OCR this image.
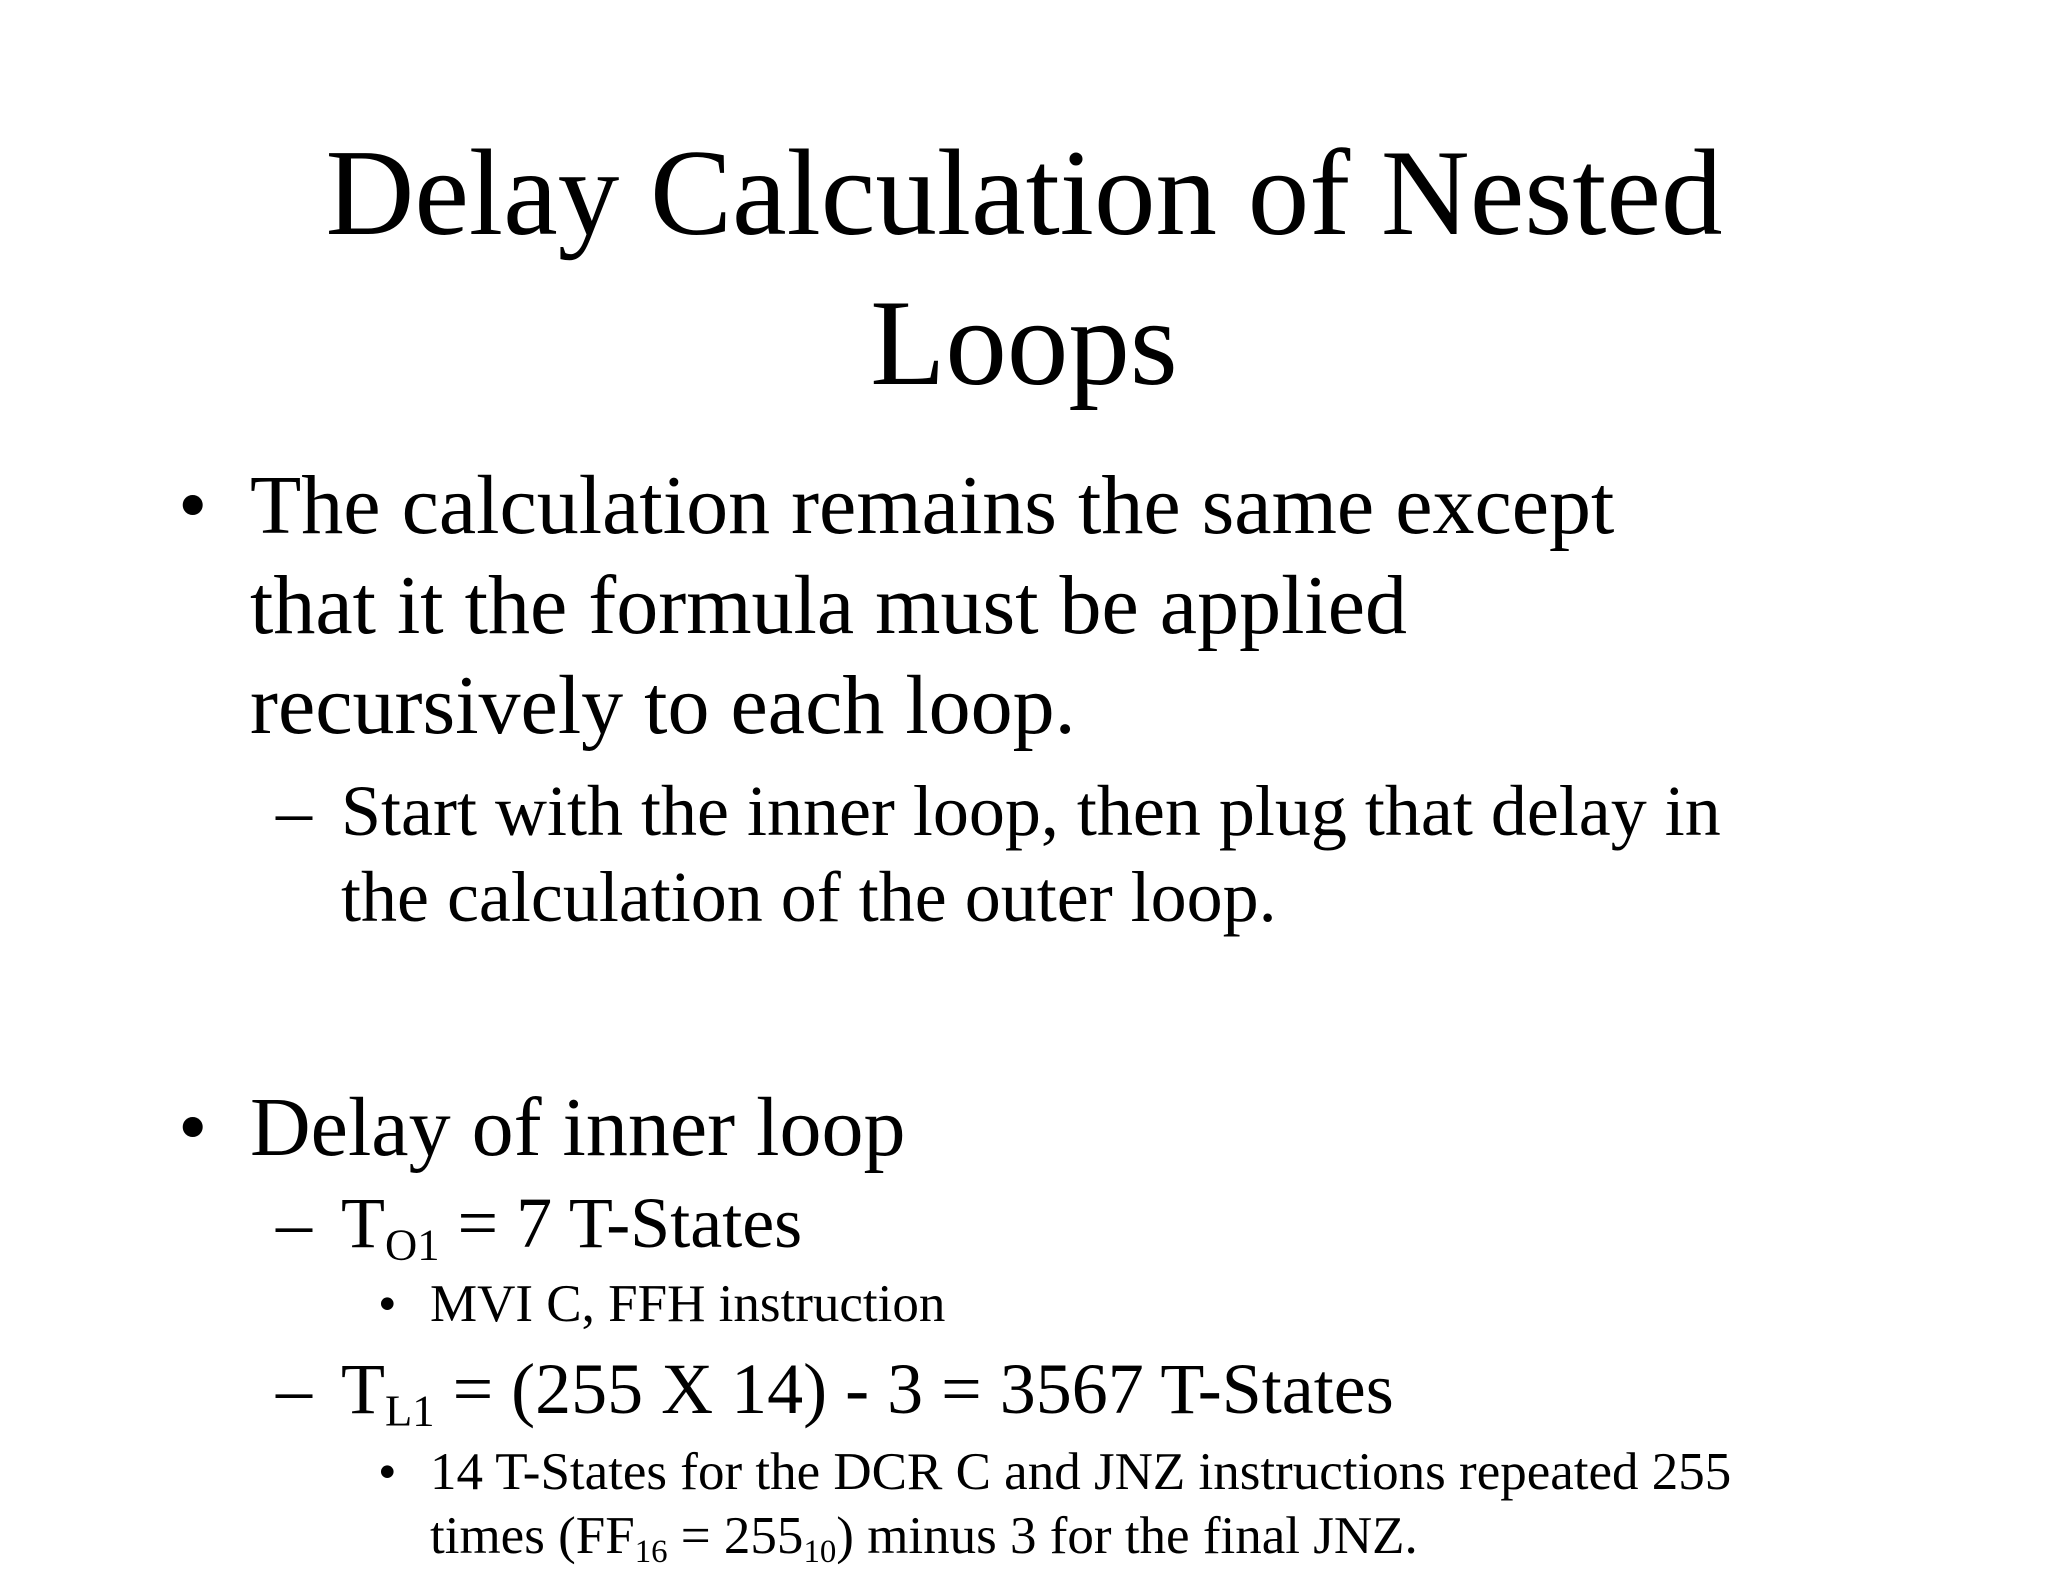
Delay Calculation of Nested
Loops
• The calculation remains the same except
that it the formula must be applied
recursively to each loop.
– Start with the inner loop, then plug that delay in
the calculation of the outer loop.
• Delay of inner loop
– $T_{O1} = 7$ T-States
• MVI C, FFH instruction
– $T_{L1} = (255$ X 14) - 3 = 3567 T-States
• 14 T-States for the DCR C and JNZ instructions repeated 255
times $(FF_{16} = 255_{10})$ minus 3 for the final JNZ.
